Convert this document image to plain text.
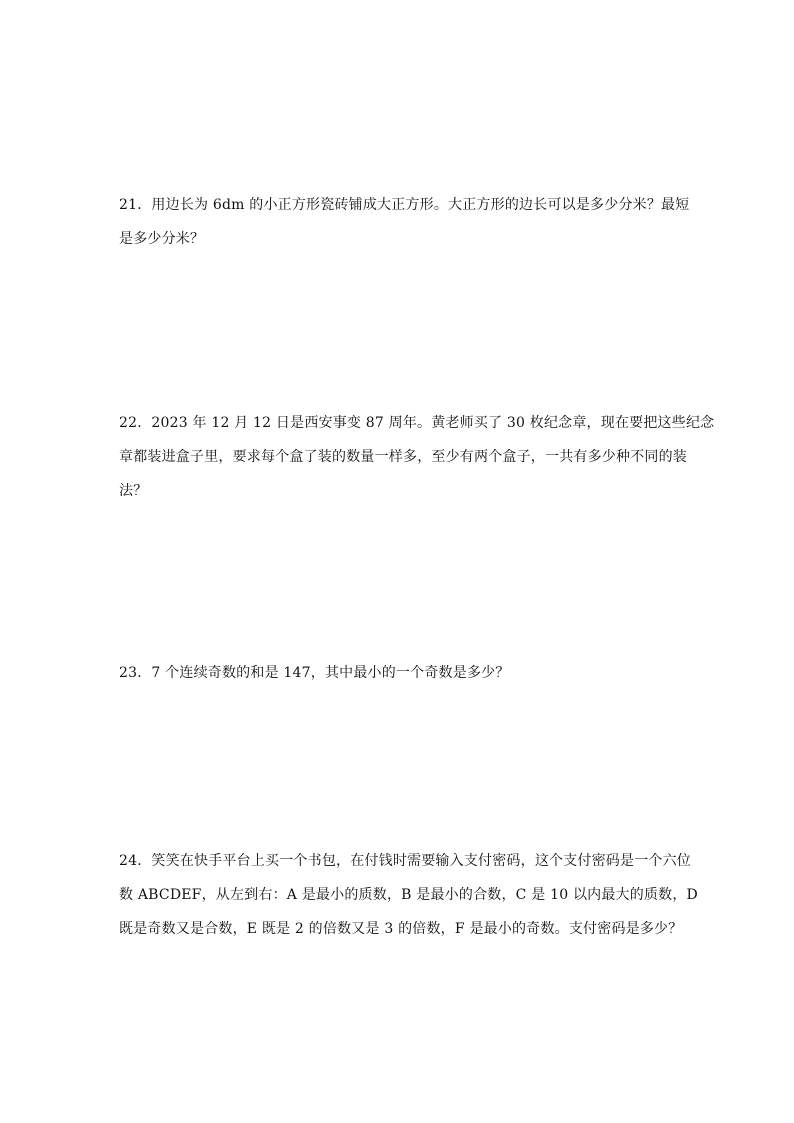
21．用边长为 6dm 的小正方形瓷砖铺成大正方形。大正方形的边长可以是多少分米？最短
是多少分米？
22．2023 年 12 月 12 日是西安事变 87 周年。黄老师买了 30 枚纪念章，现在要把这些纪念
章都装进盒子里，要求每个盒了装的数量一样多，至少有两个盒子，一共有多少种不同的装
法？
23．7 个连续奇数的和是 147，其中最小的一个奇数是多少？
24．笑笑在快手平台上买一个书包，在付钱时需要输入支付密码，这个支付密码是一个六位
数 ABCDEF，从左到右：A 是最小的质数，B 是最小的合数，C 是 10 以内最大的质数，D
既是奇数又是合数，E 既是 2 的倍数又是 3 的倍数，F 是最小的奇数。支付密码是多少？
